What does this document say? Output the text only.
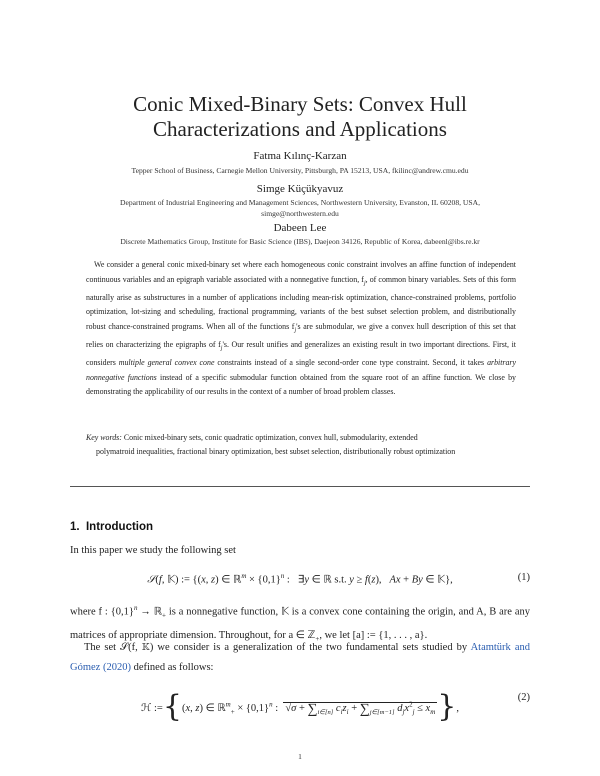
Conic Mixed-Binary Sets: Convex Hull
Characterizations and Applications
Fatma Kılınç-Karzan
Tepper School of Business, Carnegie Mellon University, Pittsburgh, PA 15213, USA, fkilinc@andrew.cmu.edu
Simge Küçükyavuz
Department of Industrial Engineering and Management Sciences, Northwestern University, Evanston, IL 60208, USA,
simge@northwestern.edu
Dabeen Lee
Discrete Mathematics Group, Institute for Basic Science (IBS), Daejeon 34126, Republic of Korea, dabeenl@ibs.re.kr
We consider a general conic mixed-binary set where each homogeneous conic constraint involves an affine function of independent continuous variables and an epigraph variable associated with a nonnegative function, $f_j$, of common binary variables. Sets of this form naturally arise as substructures in a number of applications including mean-risk optimization, chance-constrained problems, portfolio optimization, lot-sizing and scheduling, fractional programming, variants of the best subset selection problem, and distributionally robust chance-constrained programs. When all of the functions $f_j's$ are submodular, we give a convex hull description of this set that relies on characterizing the epigraphs of $f_j's$. Our result unifies and generalizes an existing result in two important directions. First, it considers multiple general convex cone constraints instead of a single second-order cone type constraint. Second, it takes arbitrary nonnegative functions instead of a specific submodular function obtained from the square root of an affine function. We close by demonstrating the applicability of our results in the context of a number of broad problem classes.
Key words: Conic mixed-binary sets, conic quadratic optimization, convex hull, submodularity, extended
polymatroid inequalities, fractional binary optimization, best subset selection, distributionally robust optimization
1. Introduction
In this paper we study the following set
𝒮(f, 𝕂) := {(x, z) ∈ ℝ$^m$ × $\{0,1\}^n$ :   ∃y ∈ ℝ s.t. y ≥ f(z),   Ax + By ∈ 𝕂},	(1)
where f : $\{0,1\}^n$ → ℝ$_+$ is a nonnegative function, 𝕂 is a convex cone containing the origin, and A, B are any matrices of appropriate dimension. Throughout, for a ∈ ℤ$_+$, we let [a] := {1, . . . , a}.
The set 𝒮(f, 𝕂) we consider is a generalization of the two fundamental sets studied by Atamtürk and Gómez (2020) defined as follows:
ℋ :={(x, z) ∈ ℝ$^m_+$ × $\{0,1\}^n$ :  $√\sigma + \sum_{i\in[n]}$ $c_iz_i + \sum_{j\in[m-1]}$ $d_jx^2_j \le x_m$},
(2)
1
